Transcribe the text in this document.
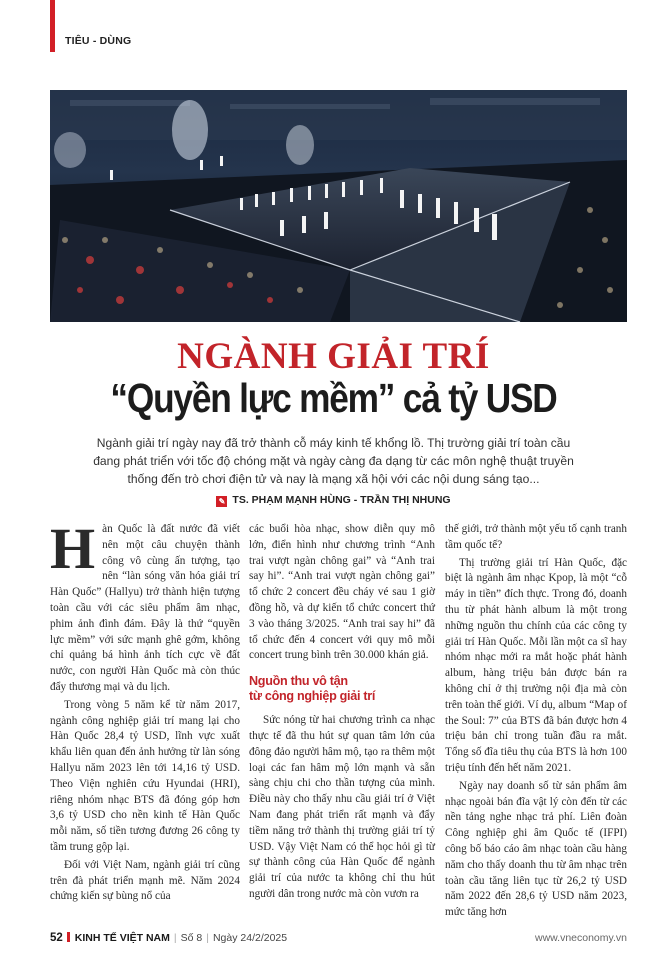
TIÊU - DÙNG
NGÀNH GIẢI TRÍ
“Quyền lực mềm” cả tỷ USD
Ngành giải trí ngày nay đã trở thành cỗ máy kinh tế khổng lồ. Thị trường giải trí toàn cầu đang phát triển với tốc độ chóng mặt và ngày càng đa dạng từ các môn nghệ thuật truyền thống đến trò chơi điện tử và nay là mạng xã hội với các nội dung sáng tạo...
✎ TS. PHẠM MẠNH HÙNG - TRẦN THỊ NHUNG
H àn Quốc là đất nước đã viết nên một câu chuyện thành công vô cùng ấn tượng, tạo nên “làn sóng văn hóa giải trí Hàn Quốc” (Hallyu) trở thành hiện tượng toàn cầu với các siêu phẩm âm nhạc, phim ảnh đình đám. Đây là thứ “quyền lực mềm” với sức mạnh ghê gớm, không chỉ quảng bá hình ảnh tích cực về đất nước, con người Hàn Quốc mà còn thúc đẩy thương mại và du lịch.

Trong vòng 5 năm kể từ năm 2017, ngành công nghiệp giải trí mang lại cho Hàn Quốc 28,4 tỷ USD, lĩnh vực xuất khẩu liên quan đến ảnh hưởng từ làn sóng Hallyu năm 2023 lên tới 14,16 tỷ USD. Theo Viện nghiên cứu Hyundai (HRI), riêng nhóm nhạc BTS đã đóng góp hơn 3,6 tỷ USD cho nền kinh tế Hàn Quốc mỗi năm, số tiền tương đương 26 công ty tầm trung gộp lại.

Đối với Việt Nam, ngành giải trí cũng trên đà phát triển mạnh mẽ. Năm 2024 chứng kiến sự bùng nổ của

các buổi hòa nhạc, show diễn quy mô lớn, điển hình như chương trình “Anh trai vượt ngàn chông gai” và “Anh trai say hi”. “Anh trai vượt ngàn chông gai” tổ chức 2 concert đều cháy vé sau 1 giờ đồng hồ, và dự kiến tổ chức concert thứ 3 vào tháng 3/2025. “Anh trai say hi” đã tổ chức đến 4 concert với quy mô mỗi concert trung bình trên 30.000 khán giả.

Nguồn thu vô tận
từ công nghiệp giải trí

Sức nóng từ hai chương trình ca nhạc thực tế đã thu hút sự quan tâm lớn của đông đảo người hâm mộ, tạo ra thêm một loại các fan hâm mộ lớn mạnh và sẵn sàng chịu chi cho thần tượng của mình. Điều này cho thấy nhu cầu giải trí ở Việt Nam đang phát triển rất mạnh và đẩy tiềm năng trở thành thị trường giải trí tỷ USD. Vậy Việt Nam có thể học hỏi gì từ sự thành công của Hàn Quốc để ngành giải trí của nước ta không chỉ thu hút người dân trong nước mà còn vươn ra

thế giới, trở thành một yếu tố cạnh tranh tầm quốc tế?

Thị trường giải trí Hàn Quốc, đặc biệt là ngành âm nhạc Kpop, là một “cỗ máy in tiền” đích thực. Trong đó, doanh thu từ phát hành album là một trong những nguồn thu chính của các công ty giải trí Hàn Quốc. Mỗi lần một ca sĩ hay nhóm nhạc mới ra mắt hoặc phát hành album, hàng triệu bản được bán ra không chỉ ở thị trường nội địa mà còn trên toàn thế giới. Ví dụ, album “Map of the Soul: 7” của BTS đã bán được hơn 4 triệu bản chỉ trong tuần đầu ra mắt. Tổng số đĩa tiêu thụ của BTS là hơn 100 triệu tính đến hết năm 2021.

Ngày nay doanh số từ sản phẩm âm nhạc ngoài bán đĩa vật lý còn đến từ các nền tảng nghe nhạc trả phí. Liên đoàn Công nghiệp ghi âm Quốc tế (IFPI) công bố báo cáo âm nhạc toàn cầu hàng năm cho thấy doanh thu từ âm nhạc trên toàn cầu tăng liên tục từ 26,2 tỷ USD năm 2022 đến 28,6 tỷ USD năm 2023, mức tăng hơn

52 KINH TẾ VIỆT NAM | Số 8 | Ngày 24/2/2025	www.vneconomy.vn
